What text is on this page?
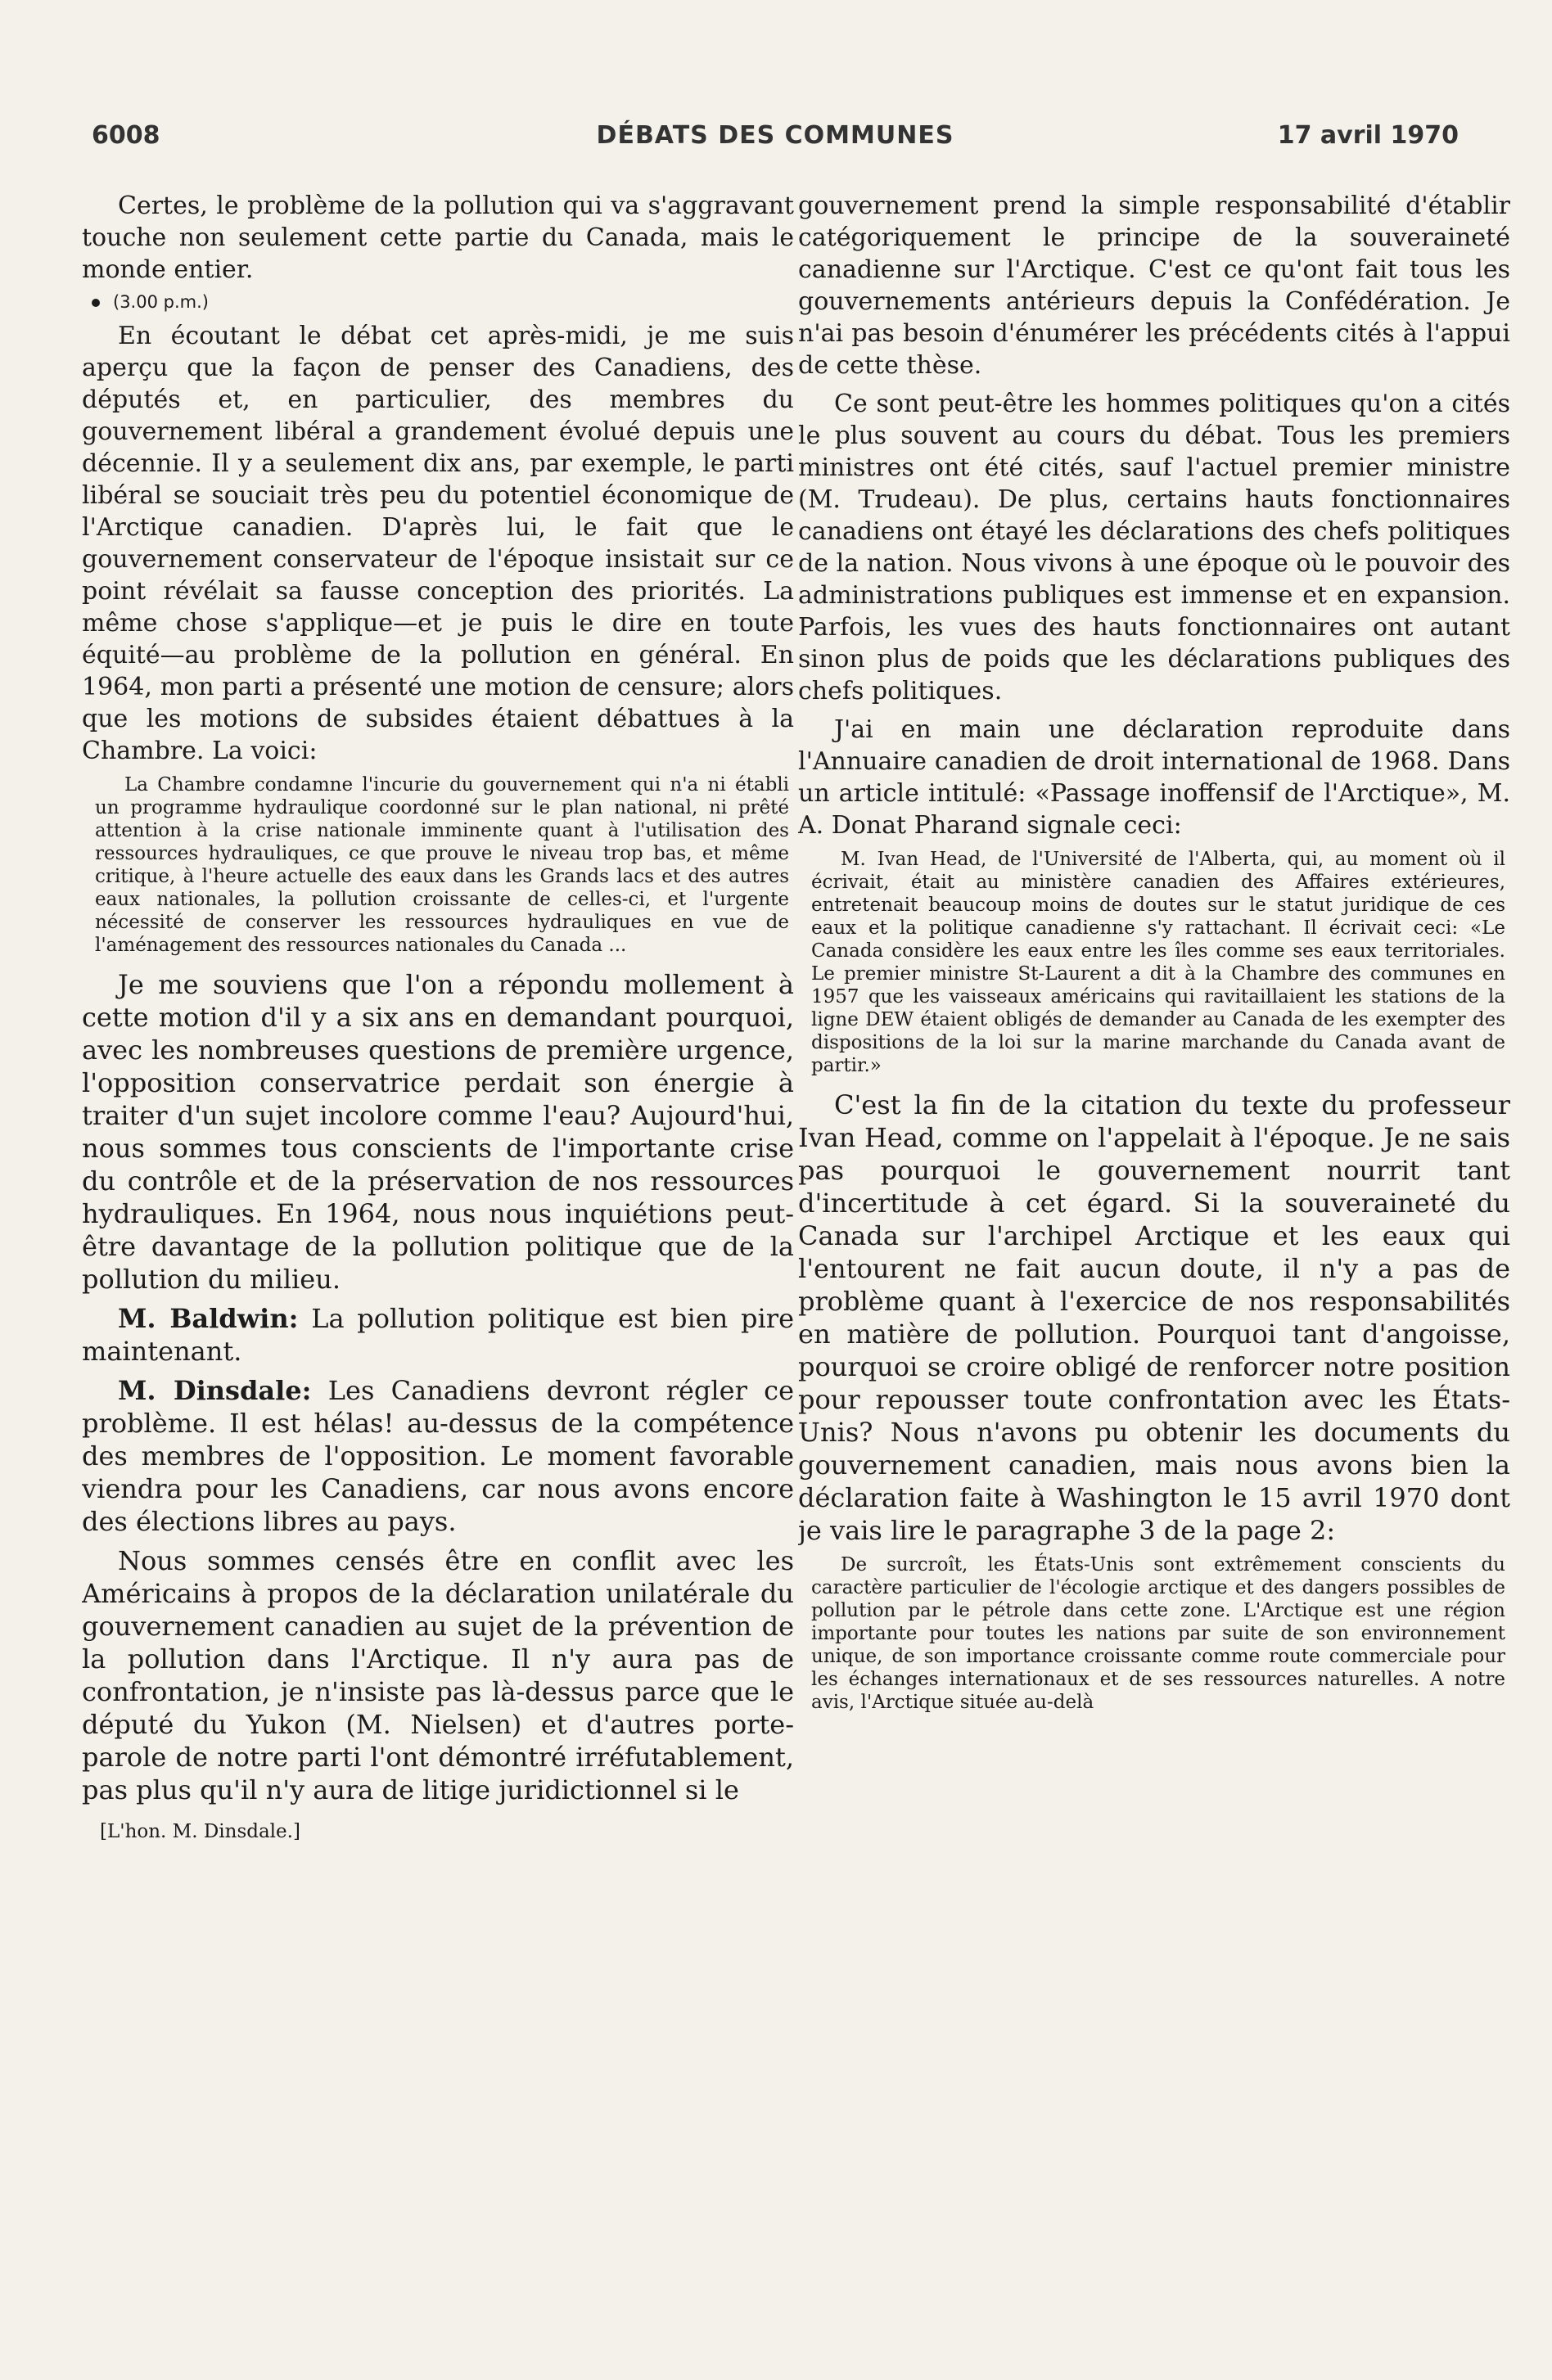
6008	DÉBATS DES COMMUNES	17 avril 1970

Certes, le problème de la pollution qui va s'aggravant touche non seulement cette partie du Canada, mais le monde entier.

(3.00 p.m.)

En écoutant le débat cet après-midi, je me suis aperçu que la façon de penser des Canadiens, des députés et, en particulier, des membres du gouvernement libéral a grandement évolué depuis une décennie. Il y a seulement dix ans, par exemple, le parti libéral se souciait très peu du potentiel économique de l'Arctique canadien. D'après lui, le fait que le gouvernement conservateur de l'époque insistait sur ce point révélait sa fausse conception des priorités. La même chose s'applique—et je puis le dire en toute équité—au problème de la pollution en général. En 1964, mon parti a présenté une motion de censure; alors que les motions de subsides étaient débattues à la Chambre. La voici:

La Chambre condamne l'incurie du gouvernement qui n'a ni établi un programme hydraulique coordonné sur le plan national, ni prêté attention à la crise nationale imminente quant à l'utilisation des ressources hydrauliques, ce que prouve le niveau trop bas, et même critique, à l'heure actuelle des eaux dans les Grands lacs et des autres eaux nationales, la pollution croissante de celles-ci, et l'urgente nécessité de conserver les ressources hydrauliques en vue de l'aménagement des ressources nationales du Canada ...

Je me souviens que l'on a répondu mollement à cette motion d'il y a six ans en demandant pourquoi, avec les nombreuses questions de première urgence, l'opposition conservatrice perdait son énergie à traiter d'un sujet incolore comme l'eau? Aujourd'hui, nous sommes tous conscients de l'importante crise du contrôle et de la préservation de nos ressources hydrauliques. En 1964, nous nous inquiétions peut-être davantage de la pollution politique que de la pollution du milieu.

M. Baldwin: La pollution politique est bien pire maintenant.

M. Dinsdale: Les Canadiens devront régler ce problème. Il est hélas! au-dessus de la compétence des membres de l'opposition. Le moment favorable viendra pour les Canadiens, car nous avons encore des élections libres au pays.

Nous sommes censés être en conflit avec les Américains à propos de la déclaration unilatérale du gouvernement canadien au sujet de la prévention de la pollution dans l'Arctique. Il n'y aura pas de confrontation, je n'insiste pas là-dessus parce que le député du Yukon (M. Nielsen) et d'autres porte-parole de notre parti l'ont démontré irréfutablement, pas plus qu'il n'y aura de litige juridictionnel si le

[L'hon. M. Dinsdale.]

gouvernement prend la simple responsabilité d'établir catégoriquement le principe de la souveraineté canadienne sur l'Arctique. C'est ce qu'ont fait tous les gouvernements antérieurs depuis la Confédération. Je n'ai pas besoin d'énumérer les précédents cités à l'appui de cette thèse.

Ce sont peut-être les hommes politiques qu'on a cités le plus souvent au cours du débat. Tous les premiers ministres ont été cités, sauf l'actuel premier ministre (M. Trudeau). De plus, certains hauts fonctionnaires canadiens ont étayé les déclarations des chefs politiques de la nation. Nous vivons à une époque où le pouvoir des administrations publiques est immense et en expansion. Parfois, les vues des hauts fonctionnaires ont autant sinon plus de poids que les déclarations publiques des chefs politiques.

J'ai en main une déclaration reproduite dans l'Annuaire canadien de droit international de 1968. Dans un article intitulé: «Passage inoffensif de l'Arctique», M. A. Donat Pharand signale ceci:

M. Ivan Head, de l'Université de l'Alberta, qui, au moment où il écrivait, était au ministère canadien des Affaires extérieures, entretenait beaucoup moins de doutes sur le statut juridique de ces eaux et la politique canadienne s'y rattachant. Il écrivait ceci: «Le Canada considère les eaux entre les îles comme ses eaux territoriales. Le premier ministre St-Laurent a dit à la Chambre des communes en 1957 que les vaisseaux américains qui ravitaillaient les stations de la ligne DEW étaient obligés de demander au Canada de les exempter des dispositions de la loi sur la marine marchande du Canada avant de partir.»

C'est la fin de la citation du texte du professeur Ivan Head, comme on l'appelait à l'époque. Je ne sais pas pourquoi le gouvernement nourrit tant d'incertitude à cet égard. Si la souveraineté du Canada sur l'archipel Arctique et les eaux qui l'entourent ne fait aucun doute, il n'y a pas de problème quant à l'exercice de nos responsabilités en matière de pollution. Pourquoi tant d'angoisse, pourquoi se croire obligé de renforcer notre position pour repousser toute confrontation avec les États-Unis? Nous n'avons pu obtenir les documents du gouvernement canadien, mais nous avons bien la déclaration faite à Washington le 15 avril 1970 dont je vais lire le paragraphe 3 de la page 2:

De surcroît, les États-Unis sont extrêmement conscients du caractère particulier de l'écologie arctique et des dangers possibles de pollution par le pétrole dans cette zone. L'Arctique est une région importante pour toutes les nations par suite de son environnement unique, de son importance croissante comme route commerciale pour les échanges internationaux et de ses ressources naturelles. A notre avis, l'Arctique située au-delà
